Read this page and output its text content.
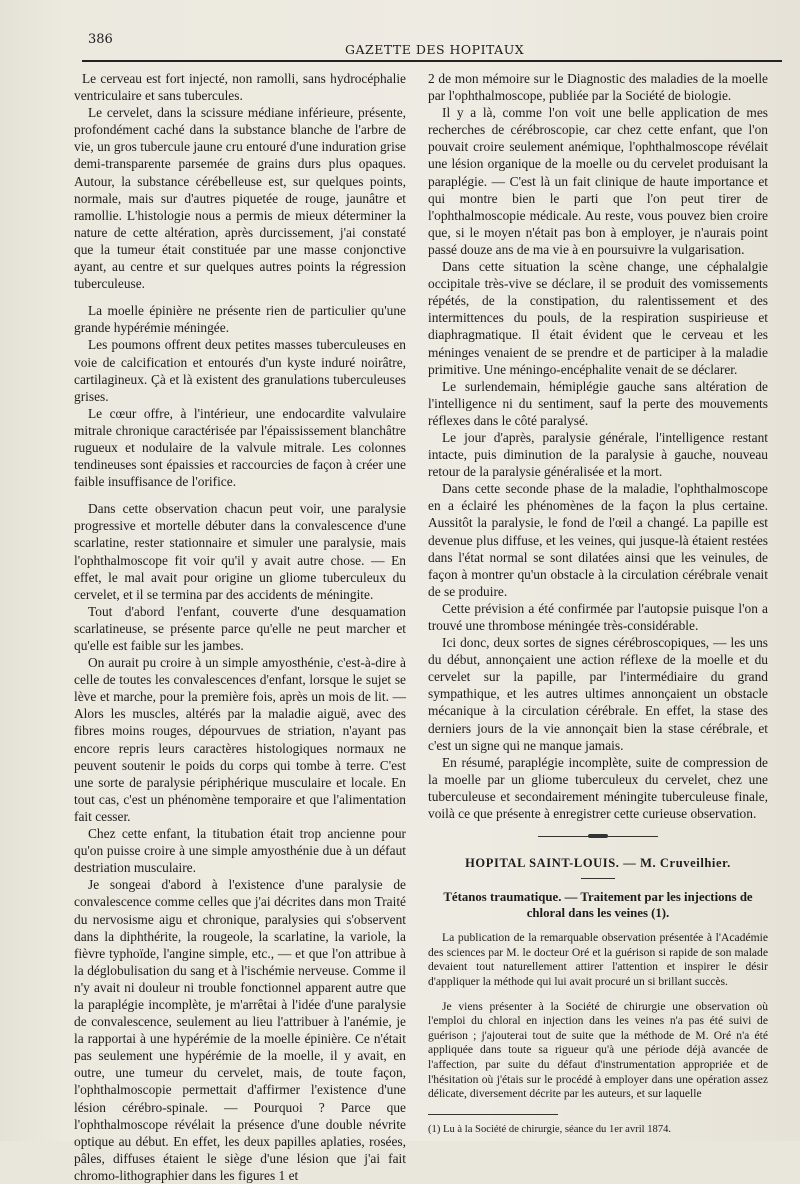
386
GAZETTE DES HOPITAUX

Le cerveau est fort injecté, non ramolli, sans hydrocéphalie ventriculaire et sans tubercules.

Le cervelet, dans la scissure médiane inférieure, présente, profondément caché dans la substance blanche de l'arbre de vie, un gros tubercule jaune cru entouré d'une induration grise demi-transparente parsemée de grains durs plus opaques. Autour, la substance cérébelleuse est, sur quelques points, normale, mais sur d'autres piquetée de rouge, jaunâtre et ramollie. L'histologie nous a permis de mieux déterminer la nature de cette altération, après durcissement, j'ai constaté que la tumeur était constituée par une masse conjonctive ayant, au centre et sur quelques autres points la régression tuberculeuse.

La moelle épinière ne présente rien de particulier qu'une grande hypérémie méningée.

Les poumons offrent deux petites masses tuberculeuses en voie de calcification et entourés d'un kyste induré noirâtre, cartilagineux. Çà et là existent des granulations tuberculeuses grises.

Le cœur offre, à l'intérieur, une endocardite valvulaire mitrale chronique caractérisée par l'épaississement blanchâtre rugueux et nodulaire de la valvule mitrale. Les colonnes tendineuses sont épaissies et raccourcies de façon à créer une faible insuffisance de l'orifice.

Dans cette observation chacun peut voir, une paralysie progressive et mortelle débuter dans la convalescence d'une scarlatine, rester stationnaire et simuler une paralysie, mais l'ophthalmoscope fit voir qu'il y avait autre chose. — En effet, le mal avait pour origine un gliome tuberculeux du cervelet, et il se termina par des accidents de méningite.

Tout d'abord l'enfant, couverte d'une desquamation scarlatineuse, se présente parce qu'elle ne peut marcher et qu'elle est faible sur les jambes.

On aurait pu croire à un simple amyosthénie, c'est-à-dire à celle de toutes les convalescences d'enfant, lorsque le sujet se lève et marche, pour la première fois, après un mois de lit. — Alors les muscles, altérés par la maladie aiguë, avec des fibres moins rouges, dépourvues de striation, n'ayant pas encore repris leurs caractères histologiques normaux ne peuvent soutenir le poids du corps qui tombe à terre. C'est une sorte de paralysie périphérique musculaire et locale. En tout cas, c'est un phénomène temporaire et que l'alimentation fait cesser.

Chez cette enfant, la titubation était trop ancienne pour qu'on puisse croire à une simple amyosthénie due à un défaut destriation musculaire.

Je songeai d'abord à l'existence d'une paralysie de convalescence comme celles que j'ai décrites dans mon Traité du nervosisme aigu et chronique, paralysies qui s'observent dans la diphthérite, la rougeole, la scarlatine, la variole, la fièvre typhoïde, l'angine simple, etc., — et que l'on attribue à la déglobulisation du sang et à l'ischémie nerveuse. Comme il n'y avait ni douleur ni trouble fonctionnel apparent autre que la paraplégie incomplète, je m'arrêtai à l'idée d'une paralysie de convalescence, seulement au lieu l'attribuer à l'anémie, je la rapportai à une hypérémie de la moelle épinière. Ce n'était pas seulement une hypérémie de la moelle, il y avait, en outre, une tumeur du cervelet, mais, de toute façon, l'ophthalmoscopie permettait d'affirmer l'existence d'une lésion cérébro-spinale. — Pourquoi ? Parce que l'ophthalmoscope révélait la présence d'une double névrite optique au début. En effet, les deux papilles aplaties, rosées, pâles, diffuses étaient le siège d'une lésion que j'ai fait chromo-lithographier dans les figures 1 et

2 de mon mémoire sur le Diagnostic des maladies de la moelle par l'ophthalmoscope, publiée par la Société de biologie.

Il y a là, comme l'on voit une belle application de mes recherches de cérébroscopie, car chez cette enfant, que l'on pouvait croire seulement anémique, l'ophthalmoscope révélait une lésion organique de la moelle ou du cervelet produisant la paraplégie. — C'est là un fait clinique de haute importance et qui montre bien le parti que l'on peut tirer de l'ophthalmoscopie médicale. Au reste, vous pouvez bien croire que, si le moyen n'était pas bon à employer, je n'aurais point passé douze ans de ma vie à en poursuivre la vulgarisation.

Dans cette situation la scène change, une céphalalgie occipitale très-vive se déclare, il se produit des vomissements répétés, de la constipation, du ralentissement et des intermittences du pouls, de la respiration suspirieuse et diaphragmatique. Il était évident que le cerveau et les méninges venaient de se prendre et de participer à la maladie primitive. Une méningo-encéphalite venait de se déclarer.

Le surlendemain, hémiplégie gauche sans altération de l'intelligence ni du sentiment, sauf la perte des mouvements réflexes dans le côté paralysé.

Le jour d'après, paralysie générale, l'intelligence restant intacte, puis diminution de la paralysie à gauche, nouveau retour de la paralysie généralisée et la mort.

Dans cette seconde phase de la maladie, l'ophthalmoscope en a éclairé les phénomènes de la façon la plus certaine. Aussitôt la paralysie, le fond de l'œil a changé. La papille est devenue plus diffuse, et les veines, qui jusque-là étaient restées dans l'état normal se sont dilatées ainsi que les veinules, de façon à montrer qu'un obstacle à la circulation cérébrale venait de se produire.

Cette prévision a été confirmée par l'autopsie puisque l'on a trouvé une thrombose méningée très-considérable.

Ici donc, deux sortes de signes cérébroscopiques, — les uns du début, annonçaient une action réflexe de la moelle et du cervelet sur la papille, par l'intermédiaire du grand sympathique, et les autres ultimes annonçaient un obstacle mécanique à la circulation cérébrale. En effet, la stase des derniers jours de la vie annonçait bien la stase cérébrale, et c'est un signe qui ne manque jamais.

En résumé, paraplégie incomplète, suite de compression de la moelle par un gliome tuberculeux du cervelet, chez une tuberculeuse et secondairement méningite tuberculeuse finale, voilà ce que présente à enregistrer cette curieuse observation.

HOPITAL SAINT-LOUIS. — M. Cruveilhier.
Tétanos traumatique. — Traitement par les injections de chloral dans les veines (1).

La publication de la remarquable observation présentée à l'Académie des sciences par M. le docteur Oré et la guérison si rapide de son malade devaient tout naturellement attirer l'attention et inspirer le désir d'appliquer la méthode qui lui avait procuré un si brillant succès.

Je viens présenter à la Société de chirurgie une observation où l'emploi du chloral en injection dans les veines n'a pas été suivi de guérison ; j'ajouterai tout de suite que la méthode de M. Oré n'a été appliquée dans toute sa rigueur qu'à une période déjà avancée de l'affection, par suite du défaut d'instrumentation appropriée et de l'hésitation où j'étais sur le procédé à employer dans une opération assez délicate, diversement décrite par les auteurs, et sur laquelle

(1) Lu à la Société de chirurgie, séance du 1er avril 1874.
